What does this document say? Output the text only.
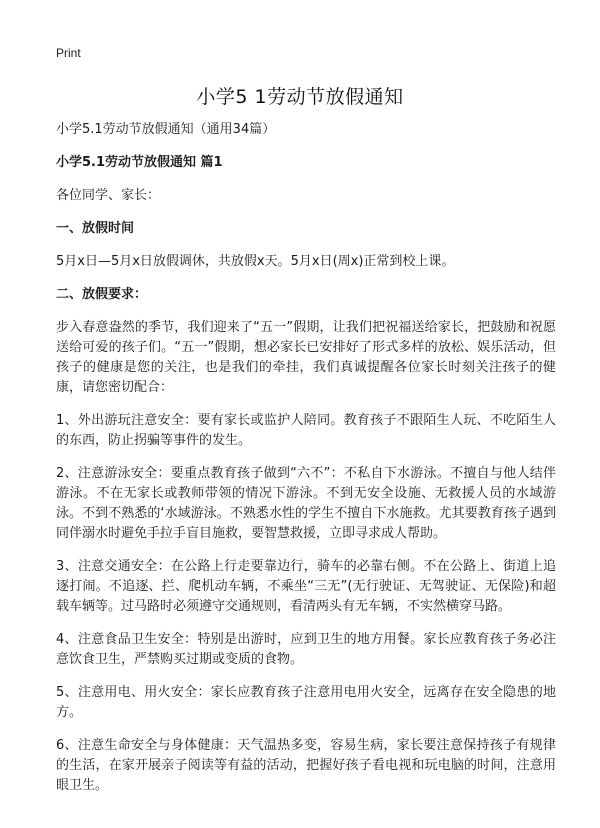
Print
小学5 1劳动节放假通知

小学5.1劳动节放假通知（通用34篇）

小学5.1劳动节放假通知 篇1

各位同学、家长：

一、放假时间

5月x日—5月x日放假调休，共放假x天。5月x日(周x)正常到校上课。

二、放假要求：

步入春意盎然的季节，我们迎来了“五一”假期，让我们把祝福送给家长，把鼓励和祝愿送给可爱的孩子们。“五一”假期，想必家长已安排好了形式多样的放松、娱乐活动，但孩子的健康是您的关注，也是我们的牵挂，我们真诚提醒各位家长时刻关注孩子的健康，请您密切配合：

1、外出游玩注意安全：要有家长或监护人陪同。教育孩子不跟陌生人玩、不吃陌生人的东西，防止拐骗等事件的发生。

2、注意游泳安全：要重点教育孩子做到“六不”：不私自下水游泳。不擅自与他人结伴游泳。不在无家长或教师带领的情况下游泳。不到无安全设施、无救援人员的水域游泳。不到不熟悉的‘水域游泳。不熟悉水性的学生不擅自下水施救。尤其要教育孩子遇到同伴溺水时避免手拉手盲目施救，要智慧救援，立即寻求成人帮助。

3、注意交通安全：在公路上行走要靠边行，骑车的必靠右侧。不在公路上、街道上追逐打闹。不追逐、拦、爬机动车辆，不乘坐“三无”(无行驶证、无驾驶证、无保险)和超载车辆等。过马路时必须遵守交通规则，看清两头有无车辆，不实然横穿马路。

4、注意食品卫生安全：特别是出游时，应到卫生的地方用餐。家长应教育孩子务必注意饮食卫生，严禁购买过期或变质的食物。

5、注意用电、用火安全：家长应教育孩子注意用电用火安全，远离存在安全隐患的地方。

6、注意生命安全与身体健康：天气温热多变，容易生病，家长要注意保持孩子有规律的生活，在家开展亲子阅读等有益的活动，把握好孩子看电视和玩电脑的时间，注意用眼卫生。
